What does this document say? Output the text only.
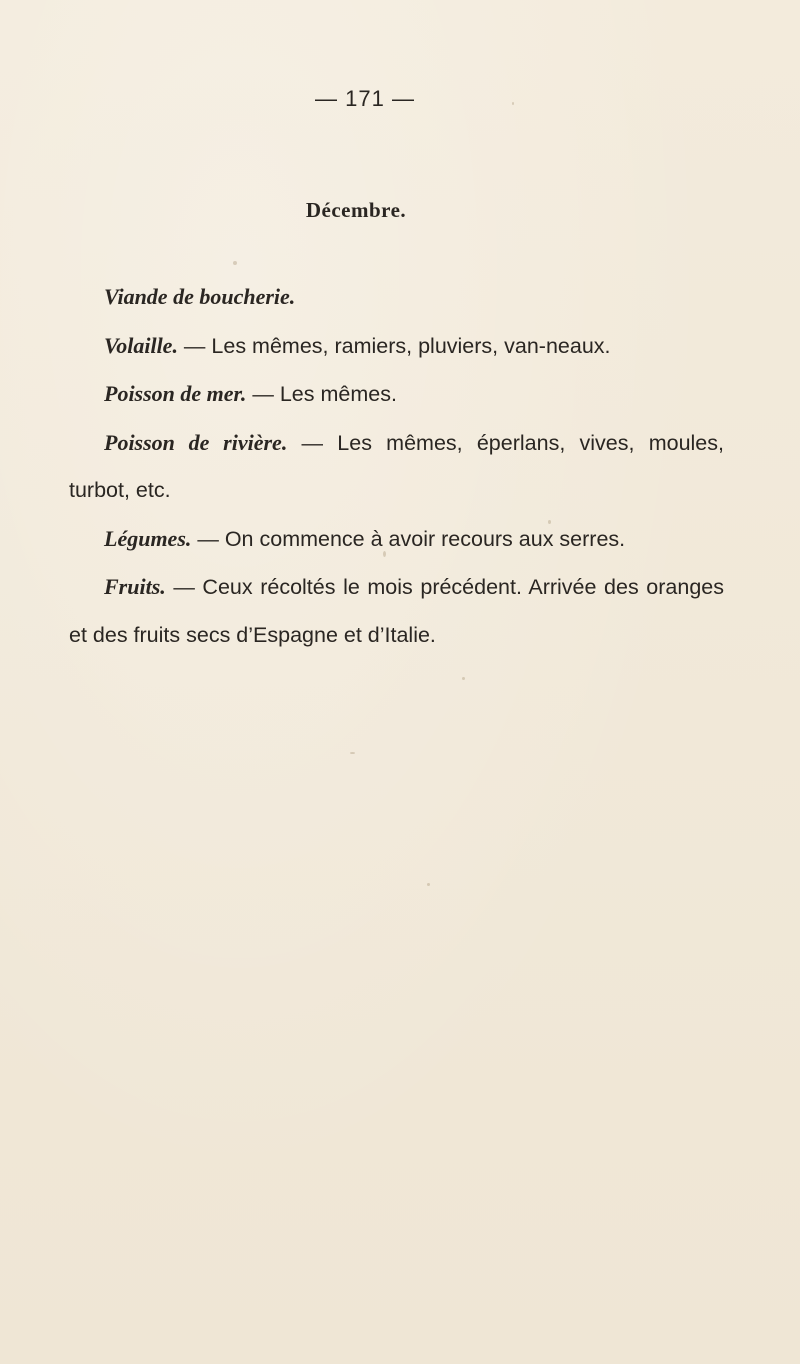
— 171 —
Décembre.

Viande de boucherie.

Volaille. — Les mêmes, ramiers, pluviers, van-neaux.

Poisson de mer. — Les mêmes.

Poisson de rivière. — Les mêmes, éperlans, vives, moules, turbot, etc.

Légumes. — On commence à avoir recours aux serres.

Fruits. — Ceux récoltés le mois précédent. Arrivée des oranges et des fruits secs d’Espagne et d’Italie.
